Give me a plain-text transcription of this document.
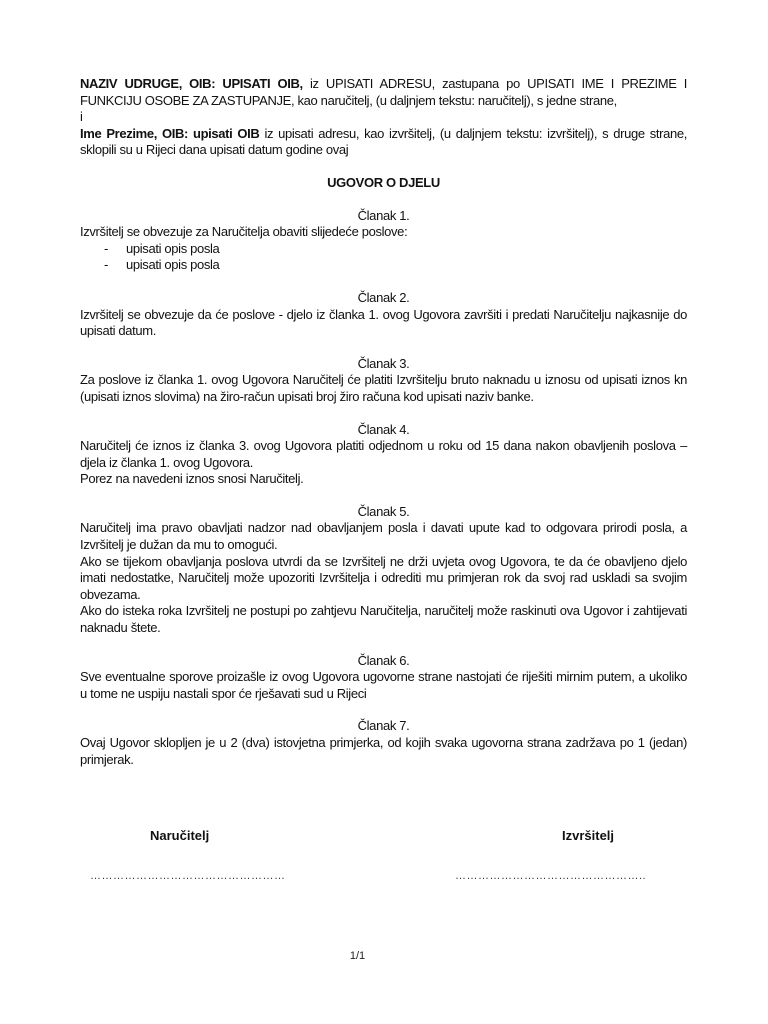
NAZIV UDRUGE, OIB: UPISATI OIB, iz UPISATI ADRESU, zastupana po UPISATI IME I PREZIME I FUNKCIJU OSOBE ZA ZASTUPANJE, kao naručitelj, (u daljnjem tekstu: naručitelj), s jedne strane,
i
Ime Prezime, OIB: upisati OIB iz upisati adresu, kao izvršitelj, (u daljnjem tekstu: izvršitelj), s druge strane, sklopili su u Rijeci dana upisati datum godine ovaj
UGOVOR O DJELU
Članak 1.
Izvršitelj se obvezuje za Naručitelja obaviti slijedeće poslove:
- upisati opis posla
- upisati opis posla
Članak 2.
Izvršitelj se obvezuje da će poslove - djelo iz članka 1. ovog Ugovora završiti i predati Naručitelju najkasnije do upisati datum.
Članak 3.
Za poslove iz članka 1. ovog Ugovora Naručitelj će platiti Izvršitelju bruto naknadu u iznosu od upisati iznos kn (upisati iznos slovima) na žiro-račun upisati broj žiro računa kod upisati naziv banke.
Članak 4.
Naručitelj će iznos iz članka 3. ovog Ugovora platiti odjednom u roku od 15 dana nakon obavljenih poslova – djela iz članka 1. ovog Ugovora.
Porez na navedeni iznos snosi Naručitelj.
Članak 5.
Naručitelj ima pravo obavljati nadzor nad obavljanjem posla i davati upute kad to odgovara prirodi posla, a Izvršitelj je dužan da mu to omogući.
Ako se tijekom obavljanja poslova utvrdi da se Izvršitelj ne drži uvjeta ovog Ugovora, te da će obavljeno djelo imati nedostatke, Naručitelj može upozoriti Izvršitelja i odrediti mu primjeran rok da svoj rad uskladi sa svojim obvezama.
Ako do isteka roka Izvršitelj ne postupi po zahtjevu Naručitelja, naručitelj može raskinuti ova Ugovor i zahtijevati naknadu štete.
Članak 6.
Sve eventualne sporove proizašle iz ovog Ugovora ugovorne strane nastojati će riješiti mirnim putem, a ukoliko u tome ne uspiju nastali spor će rješavati sud u Rijeci
Članak 7.
Ovaj Ugovor sklopljen je u 2 (dva) istovjetna primjerka, od kojih svaka ugovorna strana zadržava po 1 (jedan) primjerak.
Naručitelj	Izvršitelj
……………………………………………	…………………………………………..
1/1
